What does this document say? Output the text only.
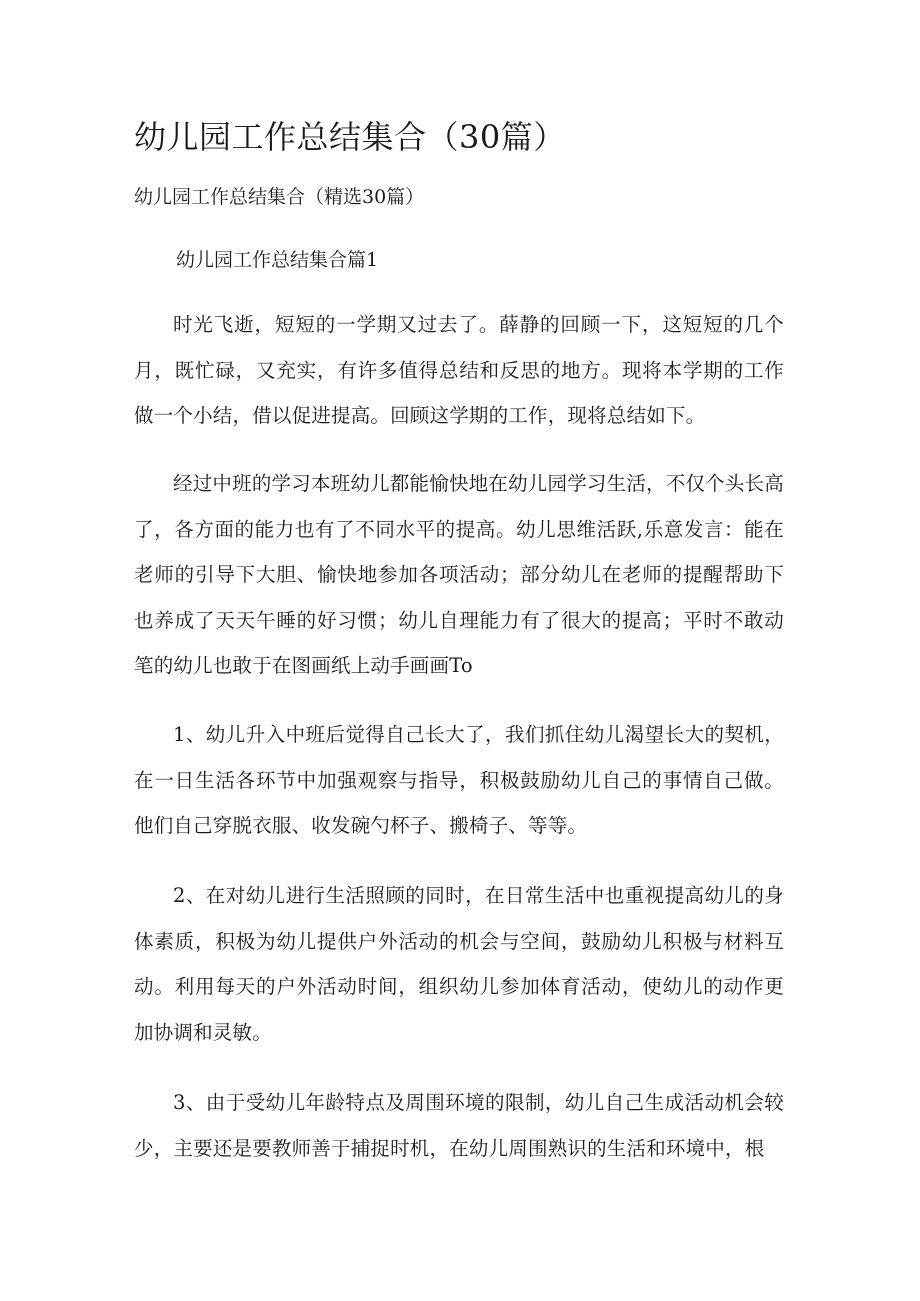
幼儿园工作总结集合（30篇）

幼儿园工作总结集合（精选30篇）

幼儿园工作总结集合篇1

时光飞逝，短短的一学期又过去了。薛静的回顾一下，这短短的几个月，既忙碌，又充实，有许多值得总结和反思的地方。现将本学期的工作做一个小结，借以促进提高。回顾这学期的工作，现将总结如下。

经过中班的学习本班幼儿都能愉快地在幼儿园学习生活，不仅个头长高了，各方面的能力也有了不同水平的提高。幼儿思维活跃,乐意发言：能在老师的引导下大胆、愉快地参加各项活动；部分幼儿在老师的提醒帮助下也养成了天天午睡的好习惯；幼儿自理能力有了很大的提高；平时不敢动笔的幼儿也敢于在图画纸上动手画画To

1、幼儿升入中班后觉得自己长大了，我们抓住幼儿渴望长大的契机，在一日生活各环节中加强观察与指导，积极鼓励幼儿自己的事情自己做。他们自己穿脱衣服、收发碗勺杯子、搬椅子、等等。

2、在对幼儿进行生活照顾的同时，在日常生活中也重视提高幼儿的身体素质，积极为幼儿提供户外活动的机会与空间，鼓励幼儿积极与材料互动。利用每天的户外活动时间，组织幼儿参加体育活动，使幼儿的动作更加协调和灵敏。

3、由于受幼儿年龄特点及周围环境的限制，幼儿自己生成活动机会较少，主要还是要教师善于捕捉时机，在幼儿周围熟识的生活和环境中，根
